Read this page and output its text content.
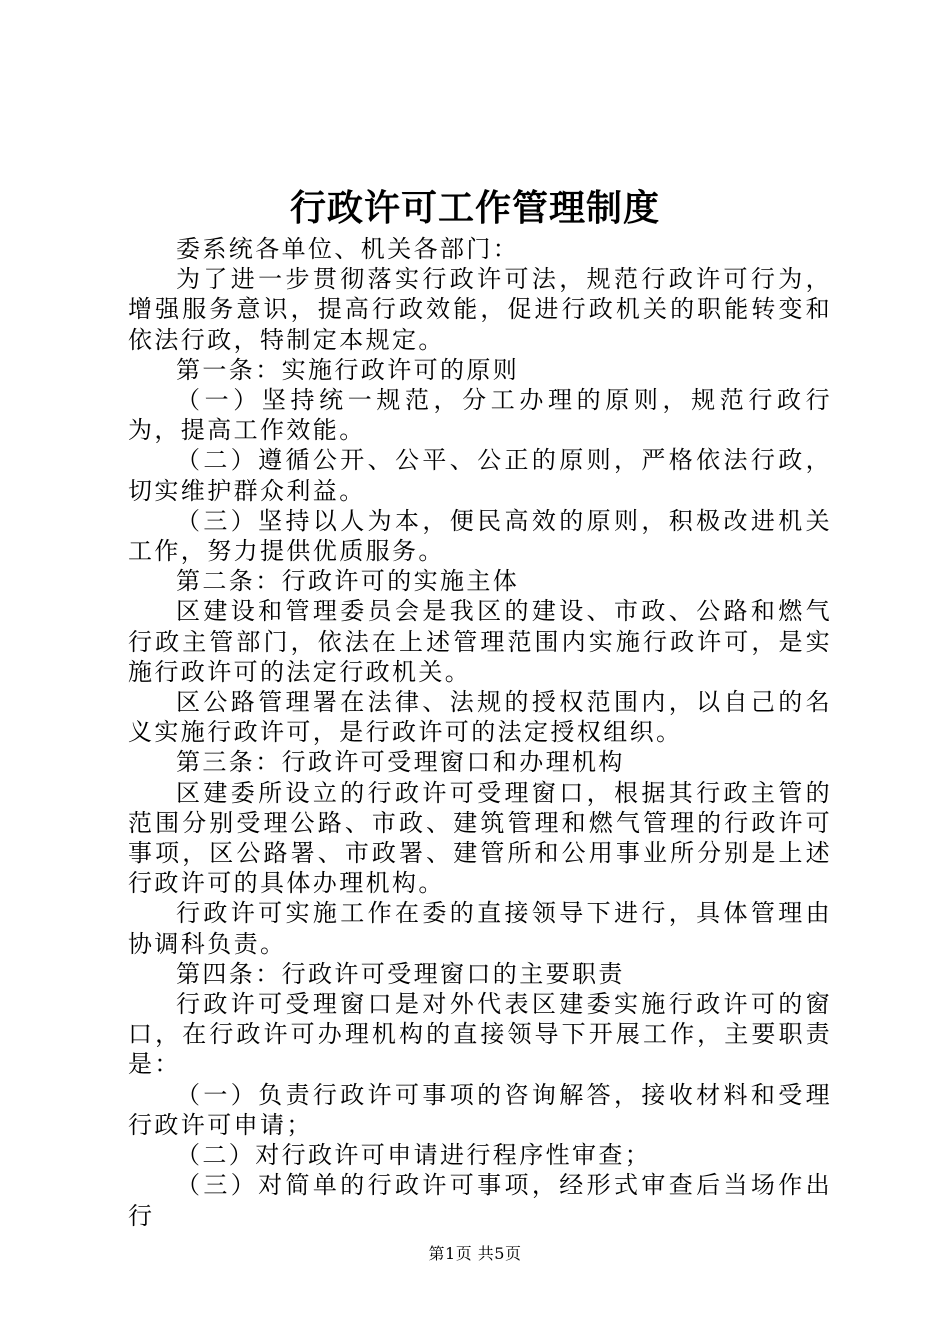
行政许可工作管理制度

委系统各单位、机关各部门：

为了进一步贯彻落实行政许可法，规范行政许可行为，增强服务意识，提高行政效能，促进行政机关的职能转变和依法行政，特制定本规定。

第一条：实施行政许可的原则

（一）坚持统一规范，分工办理的原则，规范行政行为，提高工作效能。

（二）遵循公开、公平、公正的原则，严格依法行政，切实维护群众利益。

（三）坚持以人为本，便民高效的原则，积极改进机关工作，努力提供优质服务。

第二条：行政许可的实施主体

区建设和管理委员会是我区的建设、市政、公路和燃气行政主管部门，依法在上述管理范围内实施行政许可，是实施行政许可的法定行政机关。

区公路管理署在法律、法规的授权范围内，以自己的名义实施行政许可，是行政许可的法定授权组织。

第三条：行政许可受理窗口和办理机构

区建委所设立的行政许可受理窗口，根据其行政主管的范围分别受理公路、市政、建筑管理和燃气管理的行政许可事项，区公路署、市政署、建管所和公用事业所分别是上述行政许可的具体办理机构。

行政许可实施工作在委的直接领导下进行，具体管理由协调科负责。

第四条：行政许可受理窗口的主要职责

行政许可受理窗口是对外代表区建委实施行政许可的窗口，在行政许可办理机构的直接领导下开展工作，主要职责是：

（一）负责行政许可事项的咨询解答，接收材料和受理行政许可申请；

（二）对行政许可申请进行程序性审查；

（三）对简单的行政许可事项，经形式审查后当场作出行

第1页 共5页
